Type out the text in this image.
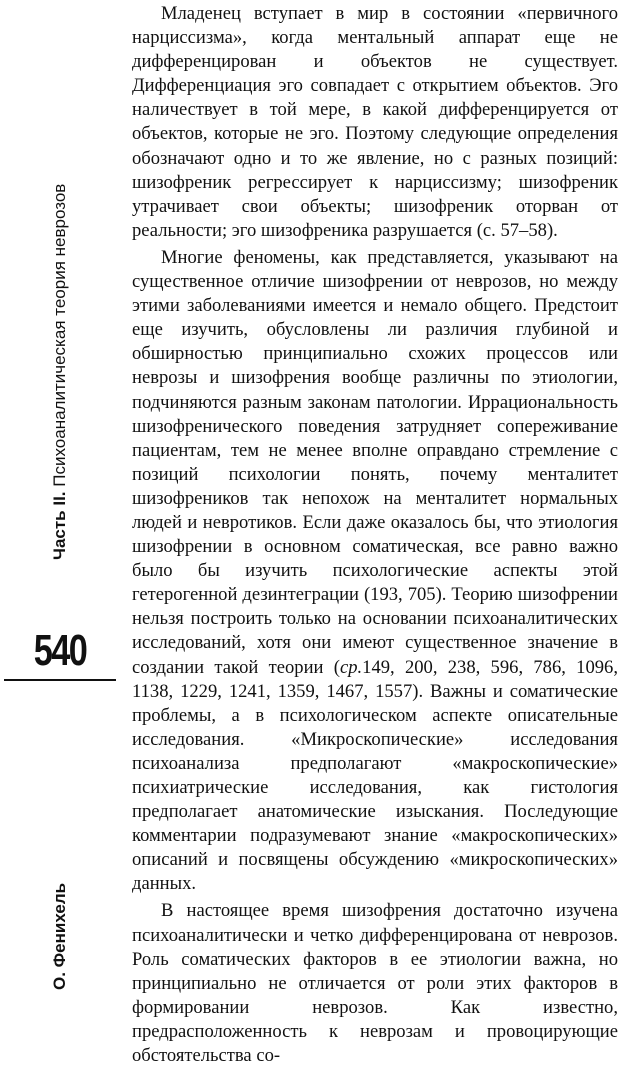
Часть II. Психоаналитическая теория неврозов
540
О. Фенихель

Младенец вступает в мир в состоянии «первичного нарциссизма», когда ментальный аппарат еще не дифференцирован и объектов не существует. Дифференциация эго совпадает с открытием объектов. Эго наличествует в той мере, в какой дифференцируется от объектов, которые не эго. Поэтому следующие определения обозначают одно и то же явление, но с разных позиций: шизофреник регрессирует к нарциссизму; шизофреник утрачивает свои объекты; шизофреник оторван от реальности; эго шизофреника разрушается (с. 57–58).

Многие феномены, как представляется, указывают на существенное отличие шизофрении от неврозов, но между этими заболеваниями имеется и немало общего. Предстоит еще изучить, обусловлены ли различия глубиной и обширностью принципиально схожих процессов или неврозы и шизофрения вообще различны по этиологии, подчиняются разным законам патологии. Иррациональность шизофренического поведения затрудняет сопереживание пациентам, тем не менее вполне оправдано стремление с позиций психологии понять, почему менталитет шизофреников так непохож на менталитет нормальных людей и невротиков. Если даже оказалось бы, что этиология шизофрении в основном соматическая, все равно важно было бы изучить психологические аспекты этой гетерогенной дезинтеграции (193, 705). Теорию шизофрении нельзя построить только на основании психоаналитических исследований, хотя они имеют существенное значение в создании такой теории (ср.149, 200, 238, 596, 786, 1096, 1138, 1229, 1241, 1359, 1467, 1557). Важны и соматические проблемы, а в психологическом аспекте описательные исследования. «Микроскопические» исследования психоанализа предполагают «макроскопические» психиатрические исследования, как гистология предполагает анатомические изыскания. Последующие комментарии подразумевают знание «макроскопических» описаний и посвящены обсуждению «микроскопических» данных.

В настоящее время шизофрения достаточно изучена психоаналитически и четко дифференцирована от неврозов. Роль соматических факторов в ее этиологии важна, но принципиально не отличается от роли этих факторов в формировании неврозов. Как известно, предрасположенность к неврозам и провоцирующие обстоятельства со-
